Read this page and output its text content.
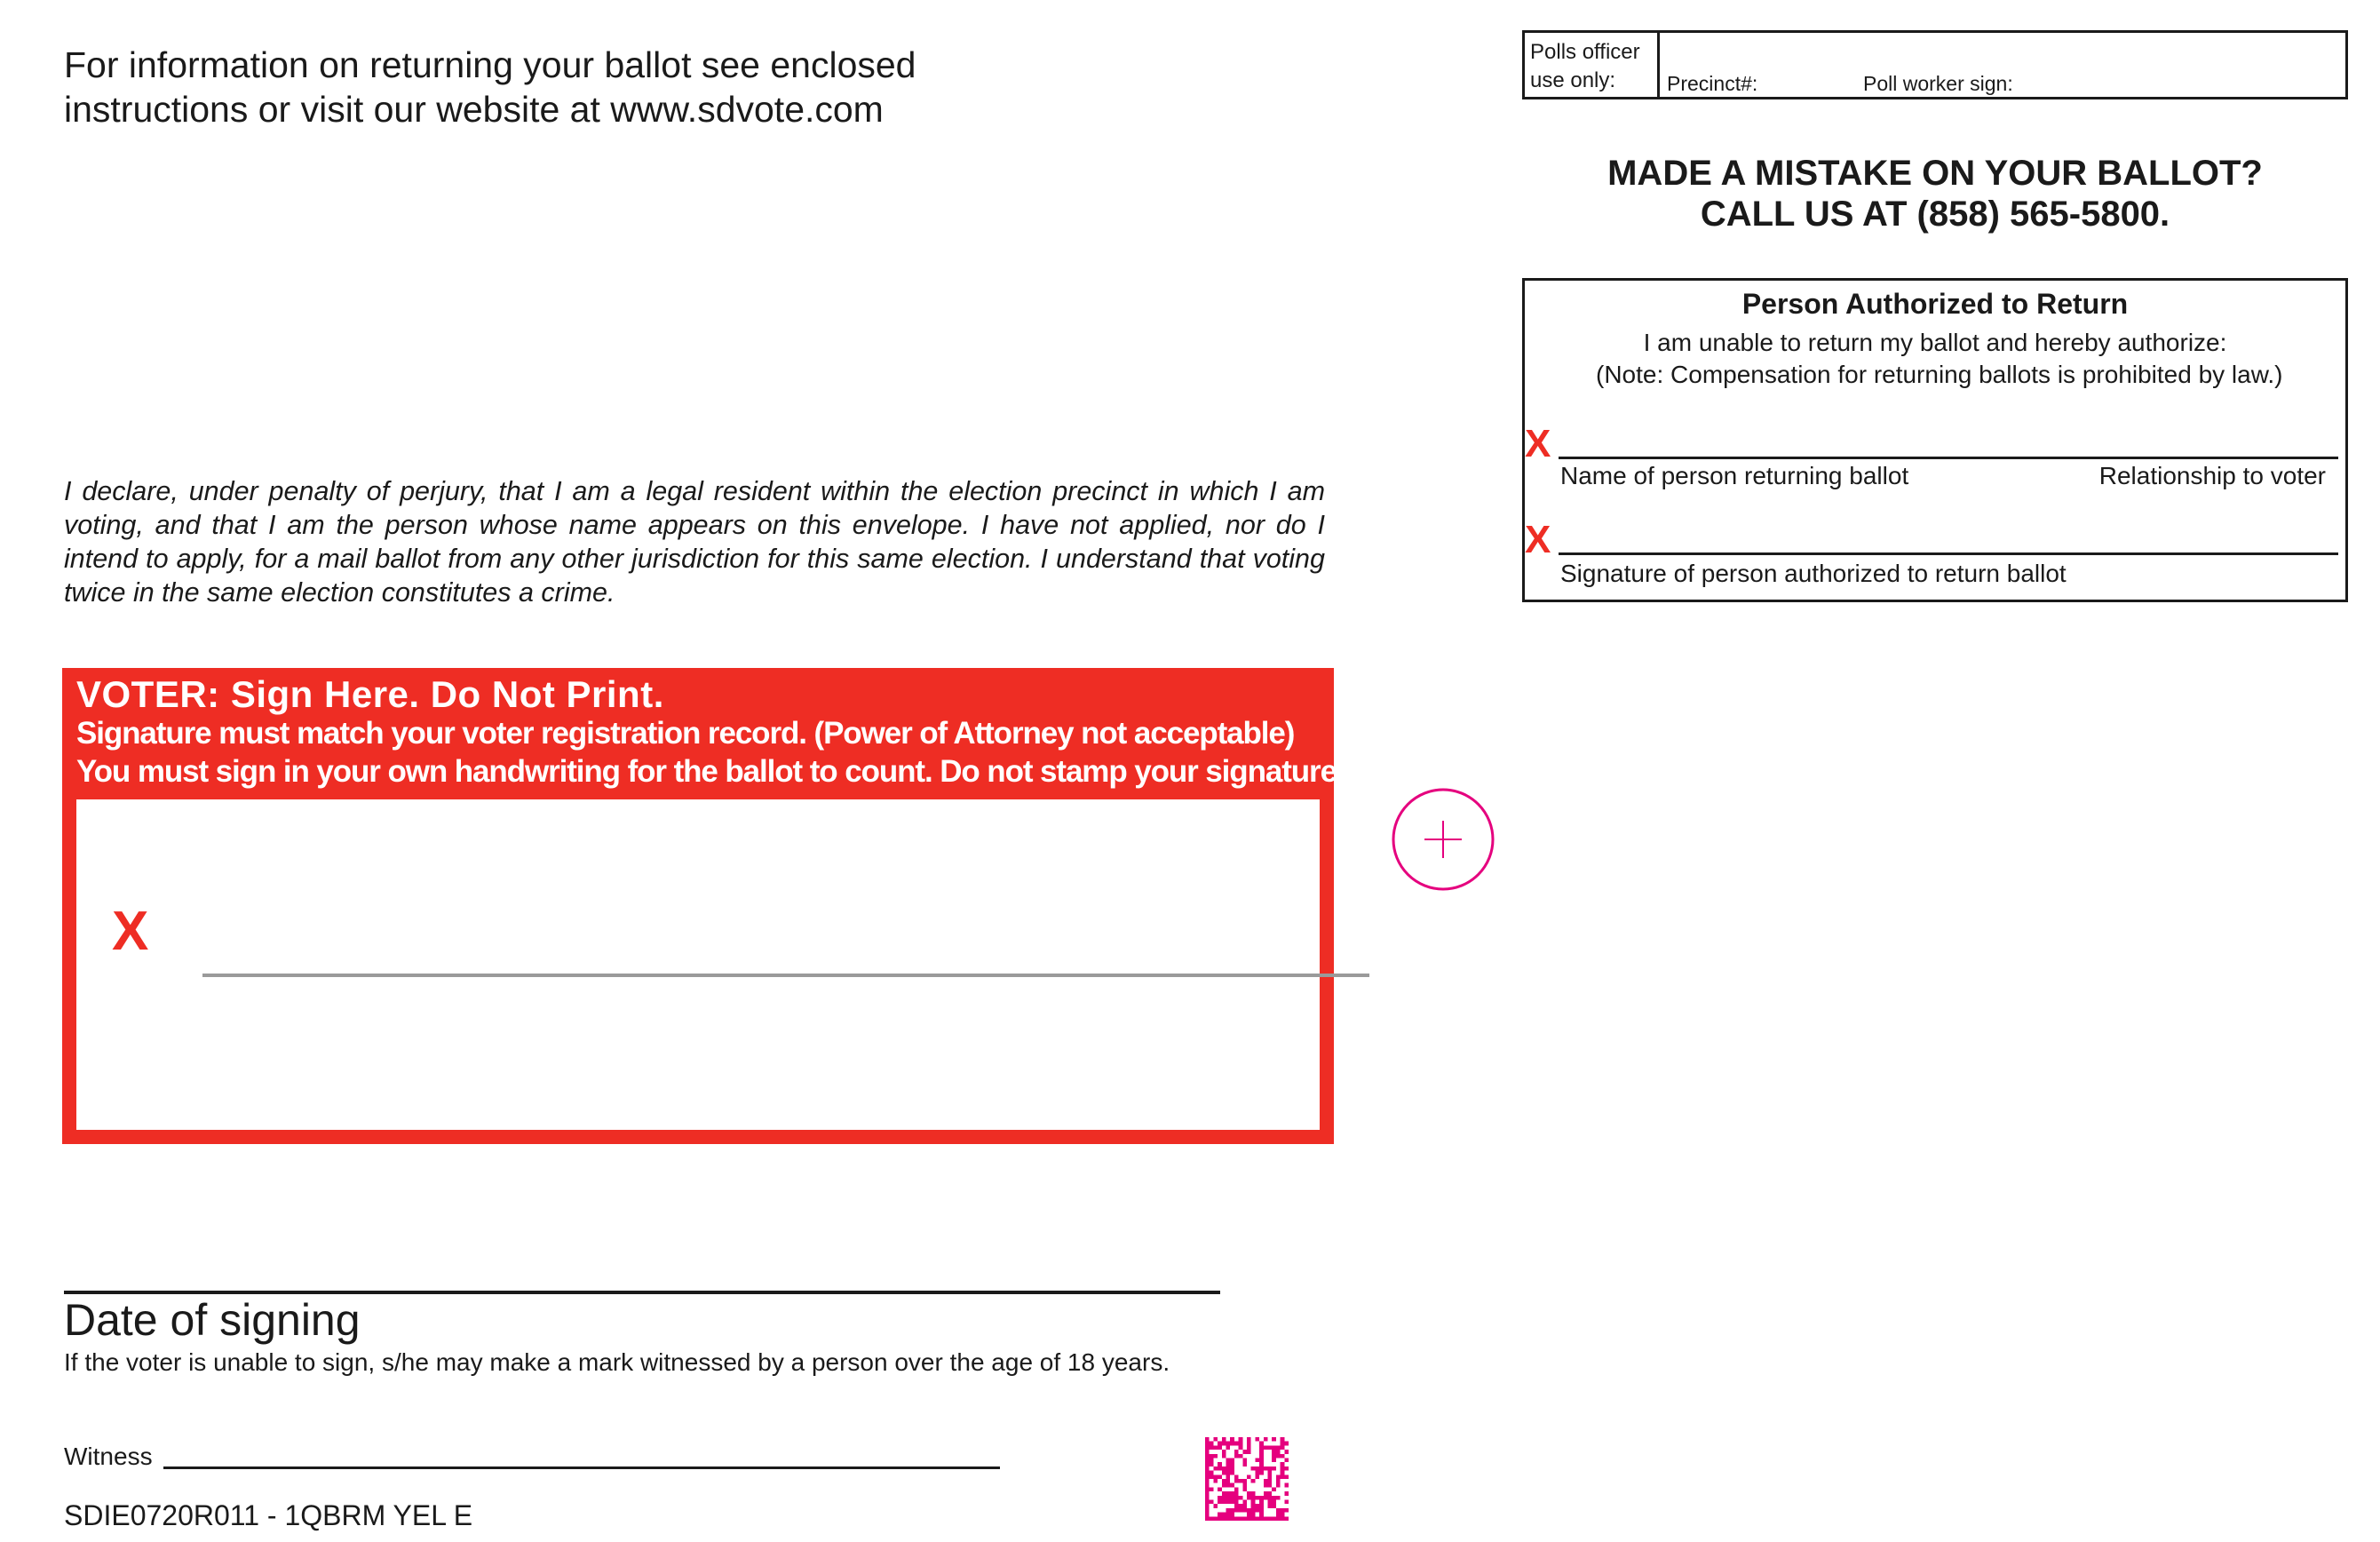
For information on returning your ballot see enclosed
instructions or visit our website at www.sdvote.com
I declare, under penalty of perjury, that I am a legal resident within the election precinct in which I am voting, and that I am the person whose name appears on this envelope. I have not applied, nor do I intend to apply, for a mail ballot from any other jurisdiction for this same election. I understand that voting twice in the same election constitutes a crime.
VOTER: Sign Here. Do Not Print.
Signature must match your voter registration record. (Power of Attorney not acceptable)
You must sign in your own handwriting for the ballot to count. Do not stamp your signature.
X
Date of signing
If the voter is unable to sign, s/he may make a mark witnessed by a person over the age of 18 years.
Witness
SDIE0720R011 - 1QBRM YEL E
Polls officer
use only:	Precinct#:	Poll worker sign:
MADE A MISTAKE ON YOUR BALLOT?
CALL US AT (858) 565-5800.
Person Authorized to Return
I am unable to return my ballot and hereby authorize:
(Note: Compensation for returning ballots is prohibited by law.)
X
Name of person returning ballot	Relationship to voter
X
Signature of person authorized to return ballot
